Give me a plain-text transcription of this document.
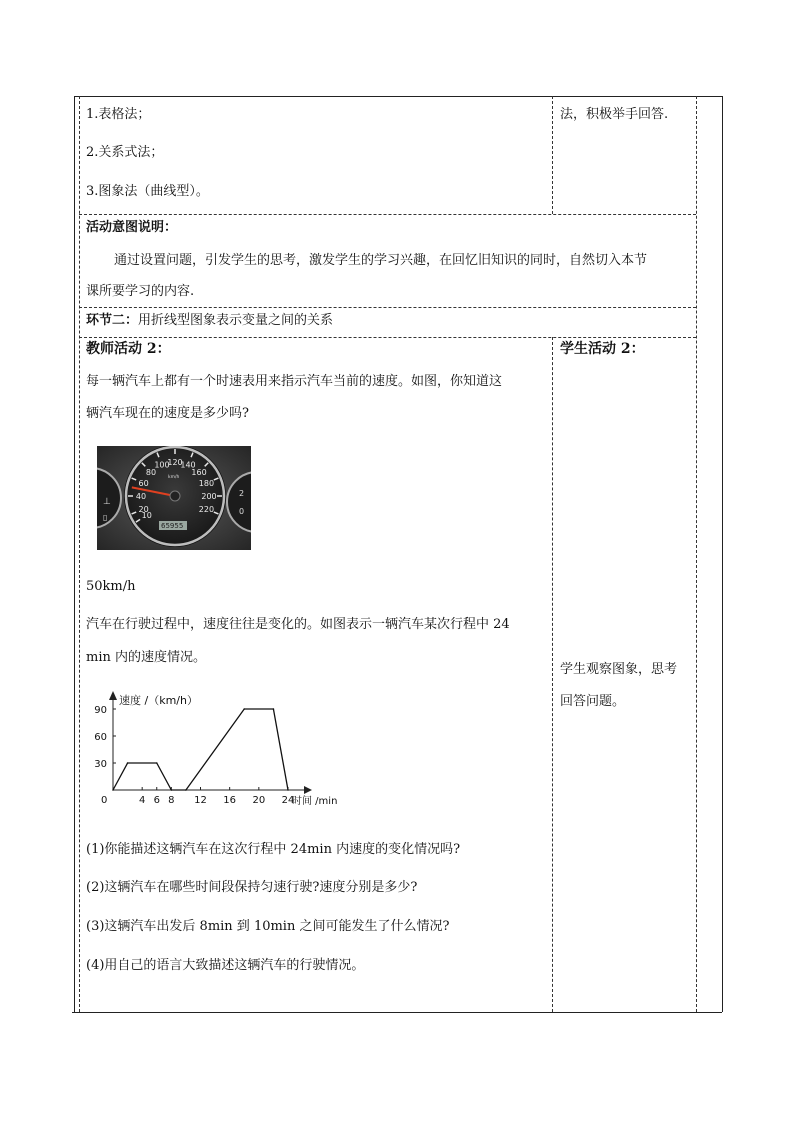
1.表格法；
2.关系式法；
3.图象法（曲线型）。
法，积极举手回答.
活动意图说明：
通过设置问题，引发学生的思考，激发学生的学习兴趣，在回忆旧知识的同时，自然切入本节
课所要学习的内容.
环节二：用折线型图象表示变量之间的关系
教师活动 2：	学生活动 2：
每一辆汽车上都有一个时速表用来指示汽车当前的速度。如图，你知道这
辆汽车现在的速度是多少吗?
⊥
▯
2
0
10
20
40
60
80
100
120
140
160
180
200
220
km/h
65955
50km/h
汽车在行驶过程中，速度往往是变化的。如图表示一辆汽车某次行程中 24
min 内的速度情况。
学生观察图象，思考
回答问题。
速度 /（km/h）
时间 /min
0	4 6 8 12 16 20 24
30
60
90
(1)你能描述这辆汽车在这次行程中 24min 内速度的变化情况吗?
(2)这辆汽车在哪些时间段保持匀速行驶?速度分别是多少?
(3)这辆汽车出发后 8min 到 10min 之间可能发生了什么情况?
(4)用自己的语言大致描述这辆汽车的行驶情况。
